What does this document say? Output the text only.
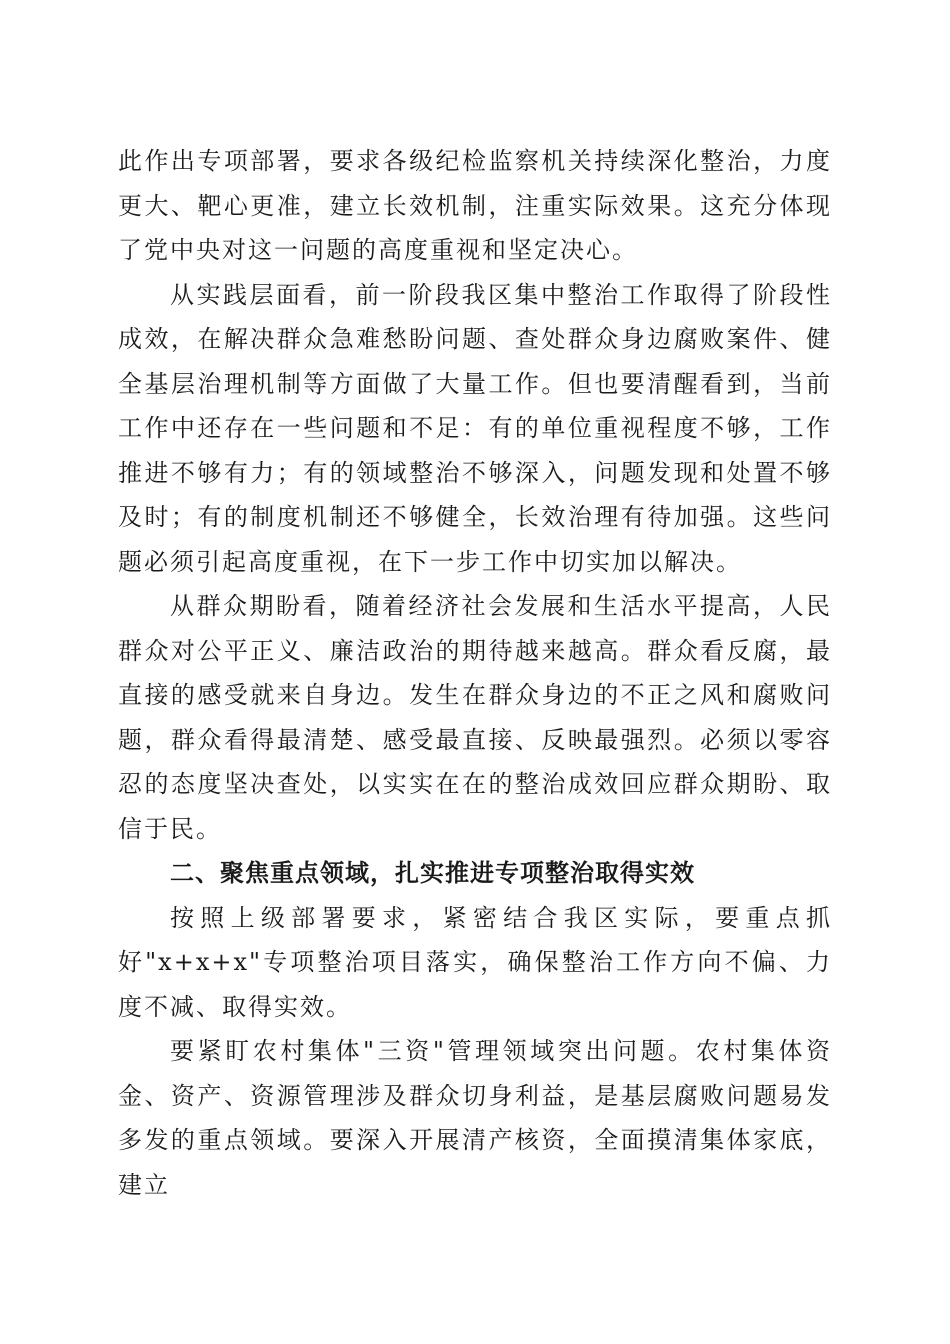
此作出专项部署，要求各级纪检监察机关持续深化整治，力度更大、靶心更准，建立长效机制，注重实际效果。这充分体现了党中央对这一问题的高度重视和坚定决心。

从实践层面看，前一阶段我区集中整治工作取得了阶段性成效，在解决群众急难愁盼问题、查处群众身边腐败案件、健全基层治理机制等方面做了大量工作。但也要清醒看到，当前工作中还存在一些问题和不足：有的单位重视程度不够，工作推进不够有力；有的领域整治不够深入，问题发现和处置不够及时；有的制度机制还不够健全，长效治理有待加强。这些问题必须引起高度重视，在下一步工作中切实加以解决。

从群众期盼看，随着经济社会发展和生活水平提高，人民群众对公平正义、廉洁政治的期待越来越高。群众看反腐，最直接的感受就来自身边。发生在群众身边的不正之风和腐败问题，群众看得最清楚、感受最直接、反映最强烈。必须以零容忍的态度坚决查处，以实实在在的整治成效回应群众期盼、取信于民。

二、聚焦重点领域，扎实推进专项整治取得实效

按照上级部署要求，紧密结合我区实际，要重点抓好"x+x+x"专项整治项目落实，确保整治工作方向不偏、力度不减、取得实效。

要紧盯农村集体"三资"管理领域突出问题。农村集体资金、资产、资源管理涉及群众切身利益，是基层腐败问题易发多发的重点领域。要深入开展清产核资，全面摸清集体家底，建立
